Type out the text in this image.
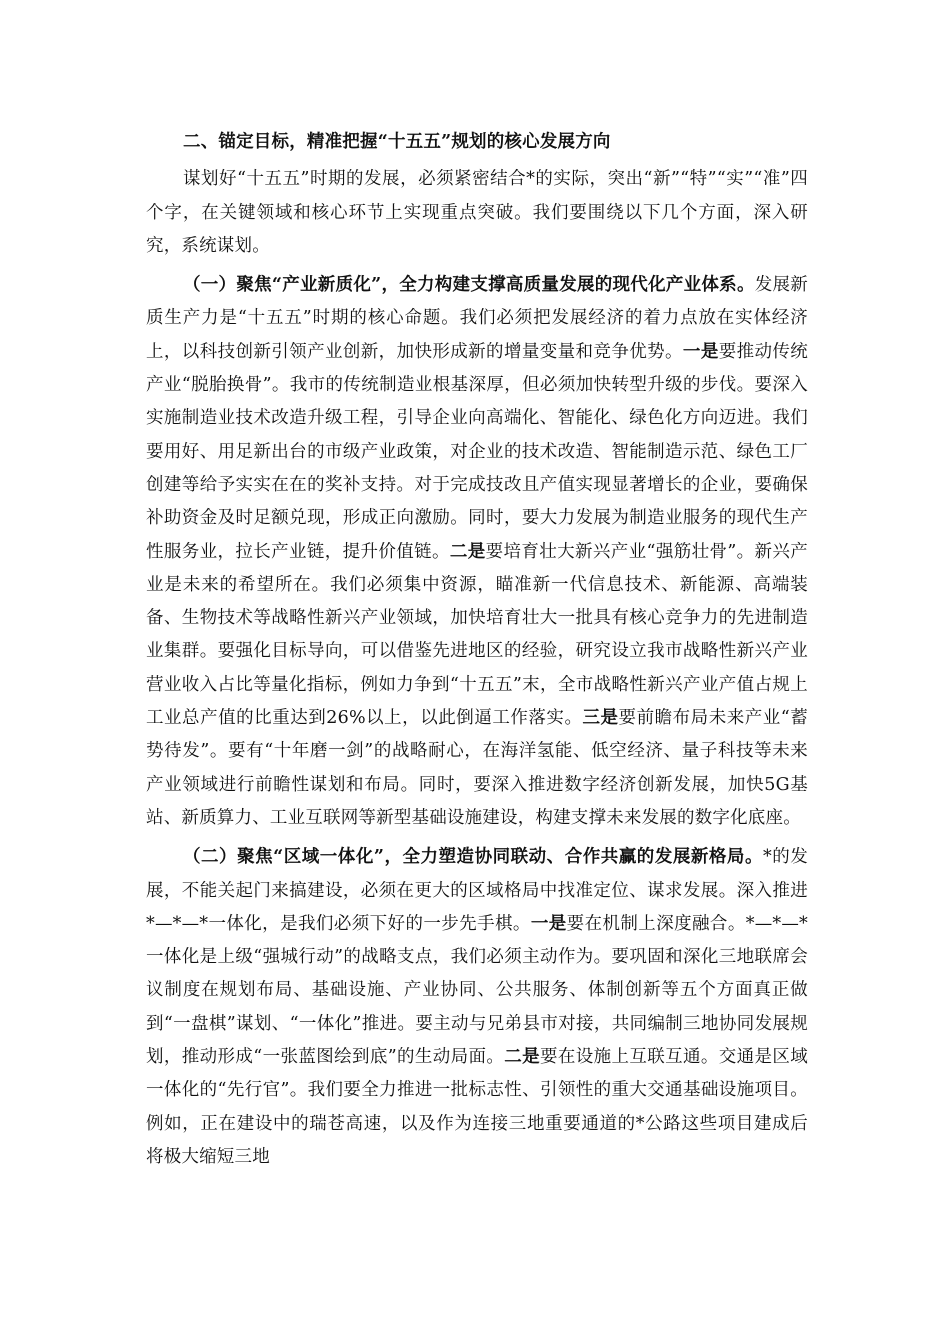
二、锚定目标，精准把握“十五五”规划的核心发展方向

谋划好“十五五”时期的发展，必须紧密结合*的实际，突出“新”“特”“实”“准”四个字，在关键领域和核心环节上实现重点突破。我们要围绕以下几个方面，深入研究，系统谋划。

（一）聚焦“产业新质化”，全力构建支撑高质量发展的现代化产业体系。发展新质生产力是“十五五”时期的核心命题。我们必须把发展经济的着力点放在实体经济上，以科技创新引领产业创新，加快形成新的增量变量和竞争优势。一是要推动传统产业“脱胎换骨”。我市的传统制造业根基深厚，但必须加快转型升级的步伐。要深入实施制造业技术改造升级工程，引导企业向高端化、智能化、绿色化方向迈进。我们要用好、用足新出台的市级产业政策，对企业的技术改造、智能制造示范、绿色工厂创建等给予实实在在的奖补支持。对于完成技改且产值实现显著增长的企业，要确保补助资金及时足额兑现，形成正向激励。同时，要大力发展为制造业服务的现代生产性服务业，拉长产业链，提升价值链。二是要培育壮大新兴产业“强筋壮骨”。新兴产业是未来的希望所在。我们必须集中资源，瞄准新一代信息技术、新能源、高端装备、生物技术等战略性新兴产业领域，加快培育壮大一批具有核心竞争力的先进制造业集群。要强化目标导向，可以借鉴先进地区的经验，研究设立我市战略性新兴产业营业收入占比等量化指标，例如力争到“十五五”末，全市战略性新兴产业产值占规上工业总产值的比重达到26%以上，以此倒逼工作落实。三是要前瞻布局未来产业“蓄势待发”。要有“十年磨一剑”的战略耐心，在海洋氢能、低空经济、量子科技等未来产业领域进行前瞻性谋划和布局。同时，要深入推进数字经济创新发展，加快5G基站、新质算力、工业互联网等新型基础设施建设，构建支撑未来发展的数字化底座。

（二）聚焦“区域一体化”，全力塑造协同联动、合作共赢的发展新格局。*的发展，不能关起门来搞建设，必须在更大的区域格局中找准定位、谋求发展。深入推进*—*—*一体化，是我们必须下好的一步先手棋。一是要在机制上深度融合。*—*—*一体化是上级“强城行动”的战略支点，我们必须主动作为。要巩固和深化三地联席会议制度在规划布局、基础设施、产业协同、公共服务、体制创新等五个方面真正做到“一盘棋”谋划、“一体化”推进。要主动与兄弟县市对接，共同编制三地协同发展规划，推动形成“一张蓝图绘到底”的生动局面。二是要在设施上互联互通。交通是区域一体化的“先行官”。我们要全力推进一批标志性、引领性的重大交通基础设施项目。例如，正在建设中的瑞苍高速，以及作为连接三地重要通道的*公路这些项目建成后将极大缩短三地
